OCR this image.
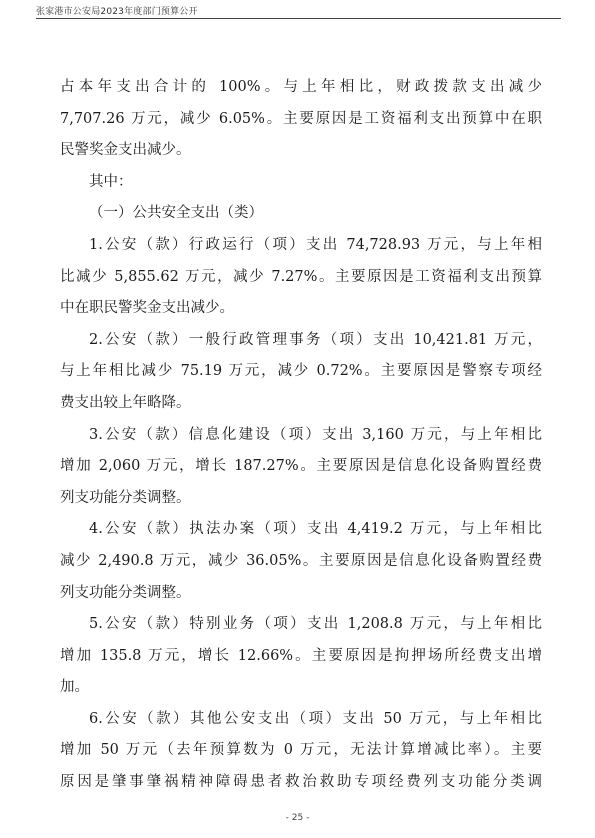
张家港市公安局2023年度部门预算公开
占本年支出合计的 100%。与上年相比，财政拨款支出减少
7,707.26 万元，减少 6.05%。主要原因是工资福利支出预算中在职
民警奖金支出减少。
其中：
（一）公共安全支出（类）
1.公安（款）行政运行（项）支出 74,728.93 万元，与上年相
比减少 5,855.62 万元，减少 7.27%。主要原因是工资福利支出预算
中在职民警奖金支出减少。
2.公安（款）一般行政管理事务（项）支出 10,421.81 万元，
与上年相比减少 75.19 万元，减少 0.72%。主要原因是警察专项经
费支出较上年略降。
3.公安（款）信息化建设（项）支出 3,160 万元，与上年相比
增加 2,060 万元，增长 187.27%。主要原因是信息化设备购置经费
列支功能分类调整。
4.公安（款）执法办案（项）支出 4,419.2 万元，与上年相比
减少 2,490.8 万元，减少 36.05%。主要原因是信息化设备购置经费
列支功能分类调整。
5.公安（款）特别业务（项）支出 1,208.8 万元，与上年相比
增加 135.8 万元，增长 12.66%。主要原因是拘押场所经费支出增
加。
6.公安（款）其他公安支出（项）支出 50 万元，与上年相比
增加 50 万元（去年预算数为 0 万元，无法计算增减比率）。主要
原因是肇事肇祸精神障碍患者救治救助专项经费列支功能分类调
- 25 -
